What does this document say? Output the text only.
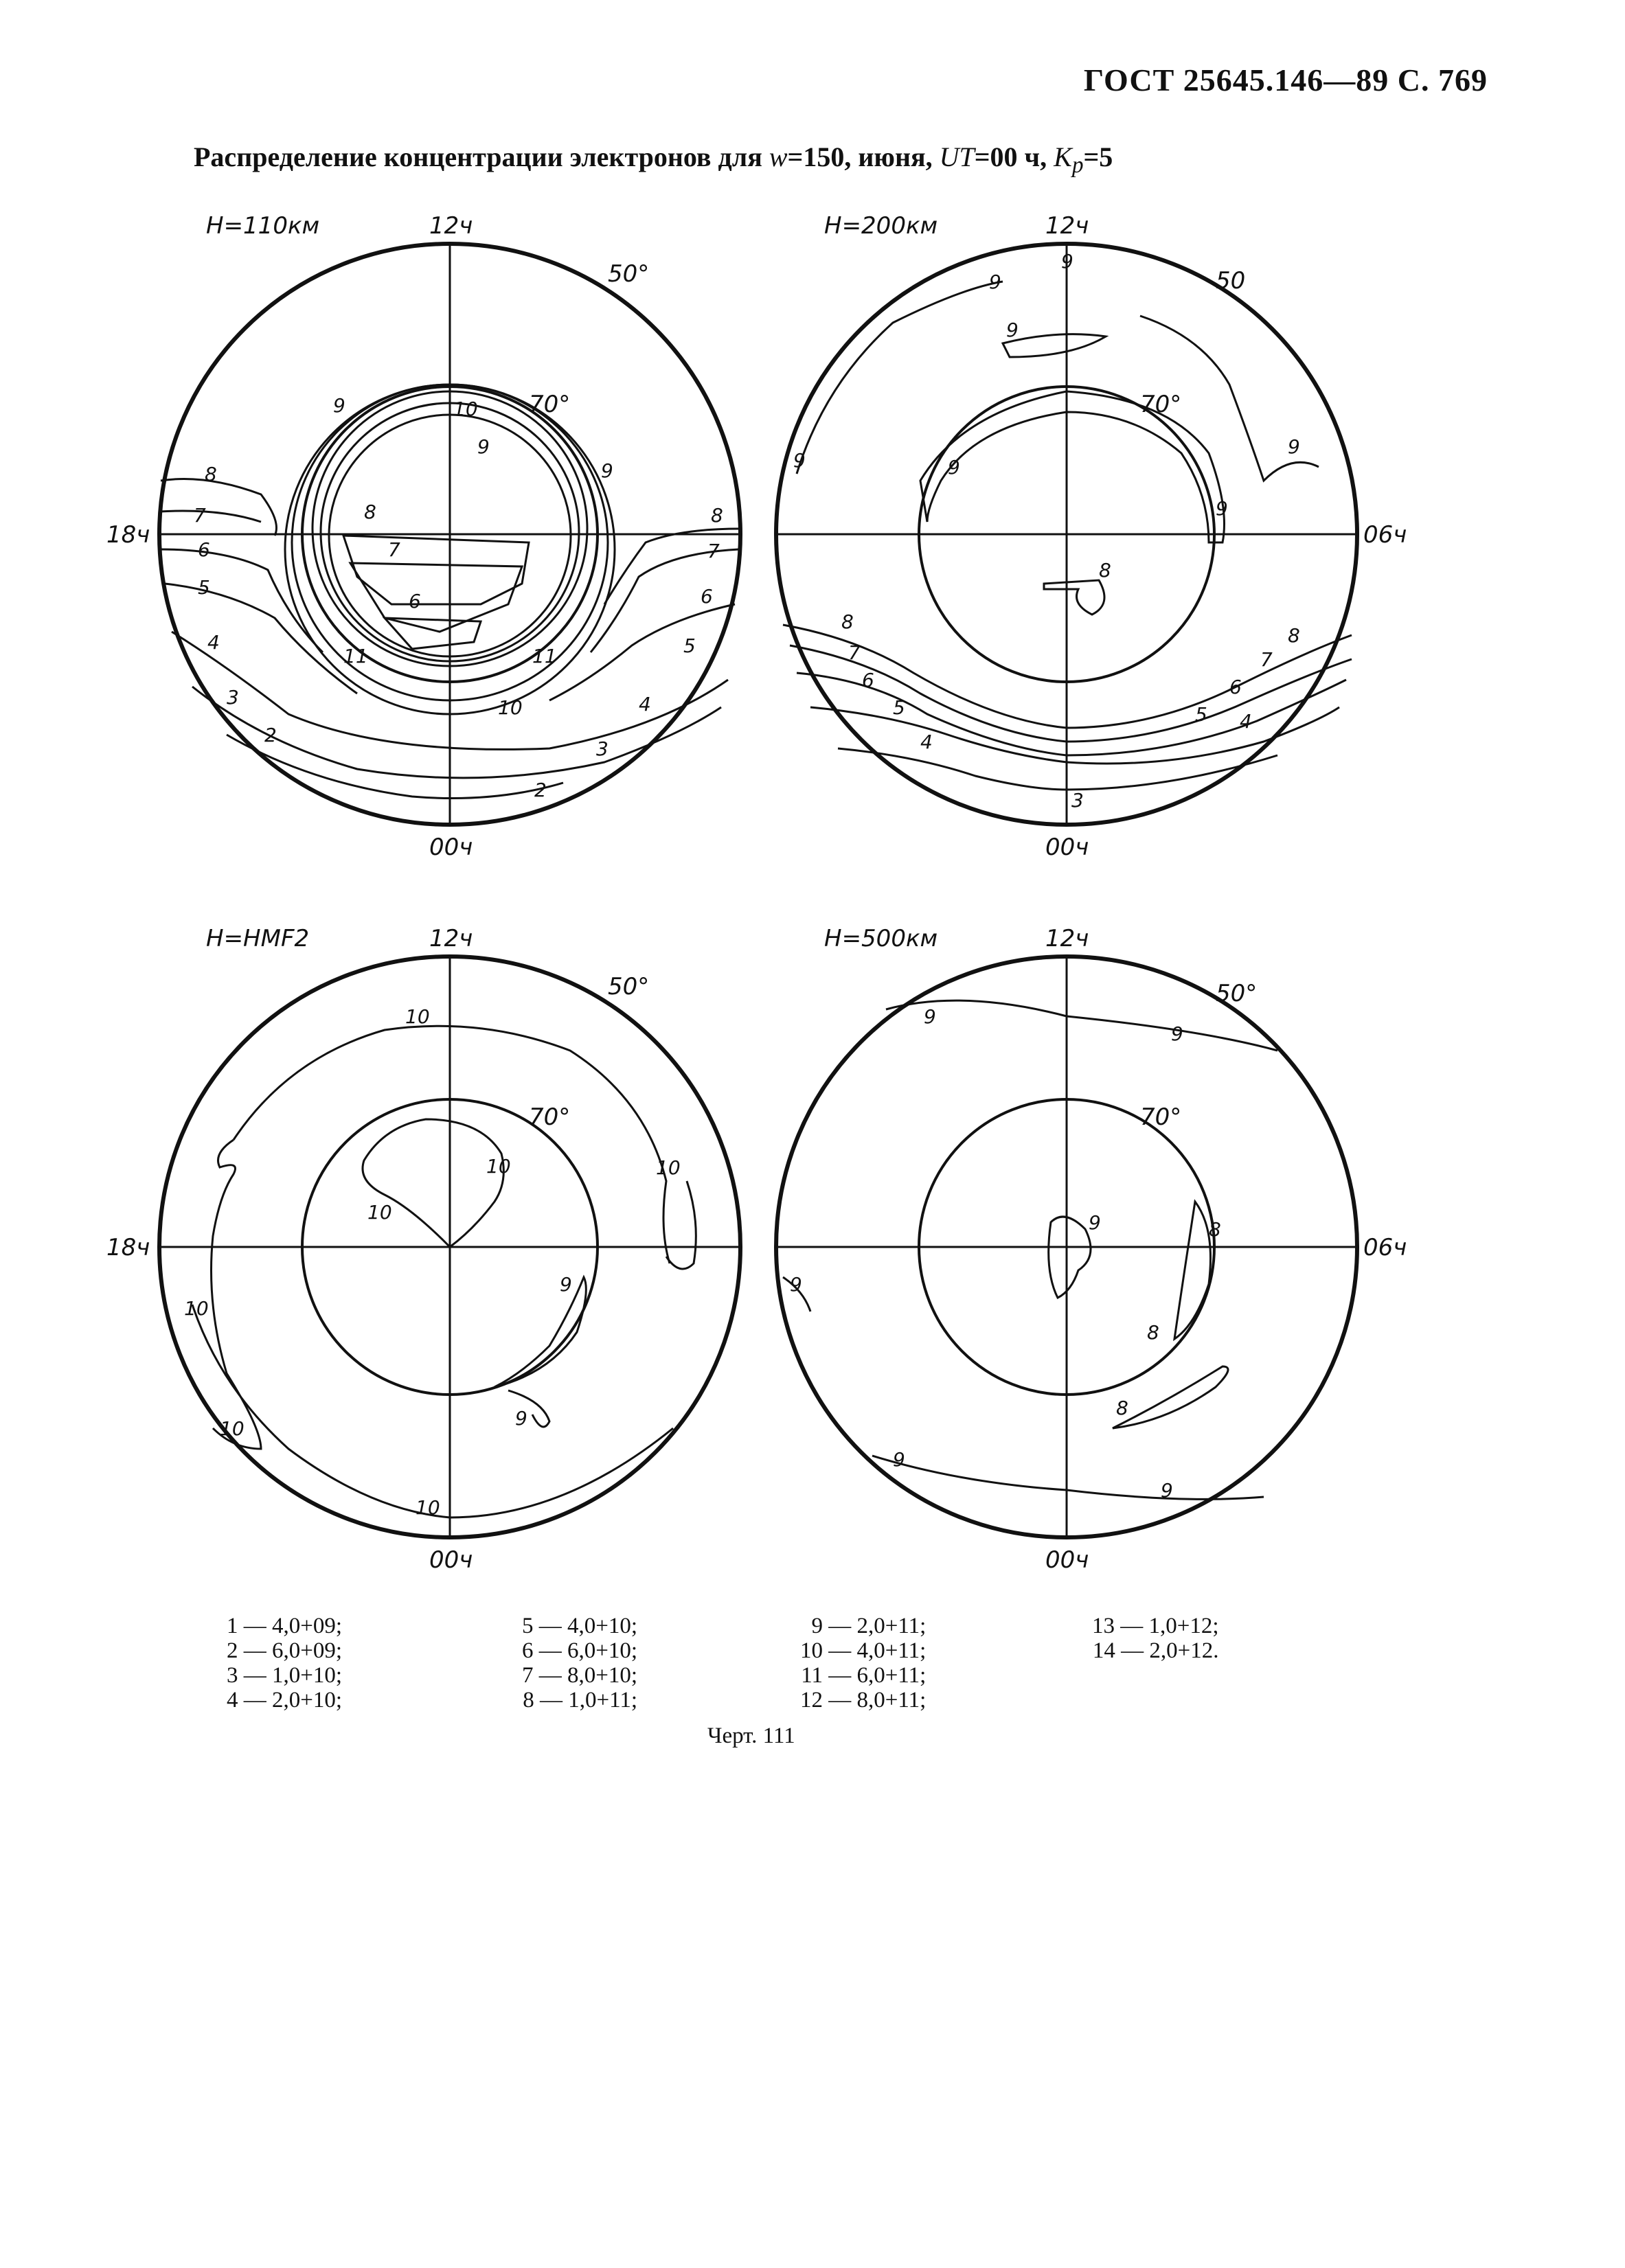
ГОСТ 25645.146—89 С. 769
Распределение концентрации электронов для w=150, июня, UT=00 ч, $K_p=5$
H=110км	12ч
00ч
18ч
50°
70°
10
9
9
8
7
6
8
7
6
5
4
3
2
8
7
6
5
4
3
2
11	11
10
9
H=200км	12ч
00ч
06ч
50
70°
9
9
9
9	9
9
8
8
7
6
5
4
8
7
6
5 4
3
9
H=HMF2	12ч
00ч
18ч
50°
70°
10
10
10
10
10
10
10
9
9
H=500км	12ч
00ч
06ч
50°
70°
9
9
9
9
9
8
8
8
9
1 — 4,0+09;
2 — 6,0+09;
3 — 1,0+10;
4 — 2,0+10;
5 — 4,0+10;
6 — 6,0+10;
7 — 8,0+10;
8 — 1,0+11;
9 — 2,0+11;
10 — 4,0+11;
11 — 6,0+11;
12 — 8,0+11;
13 — 1,0+12;
14 — 2,0+12.
Черт. 111
